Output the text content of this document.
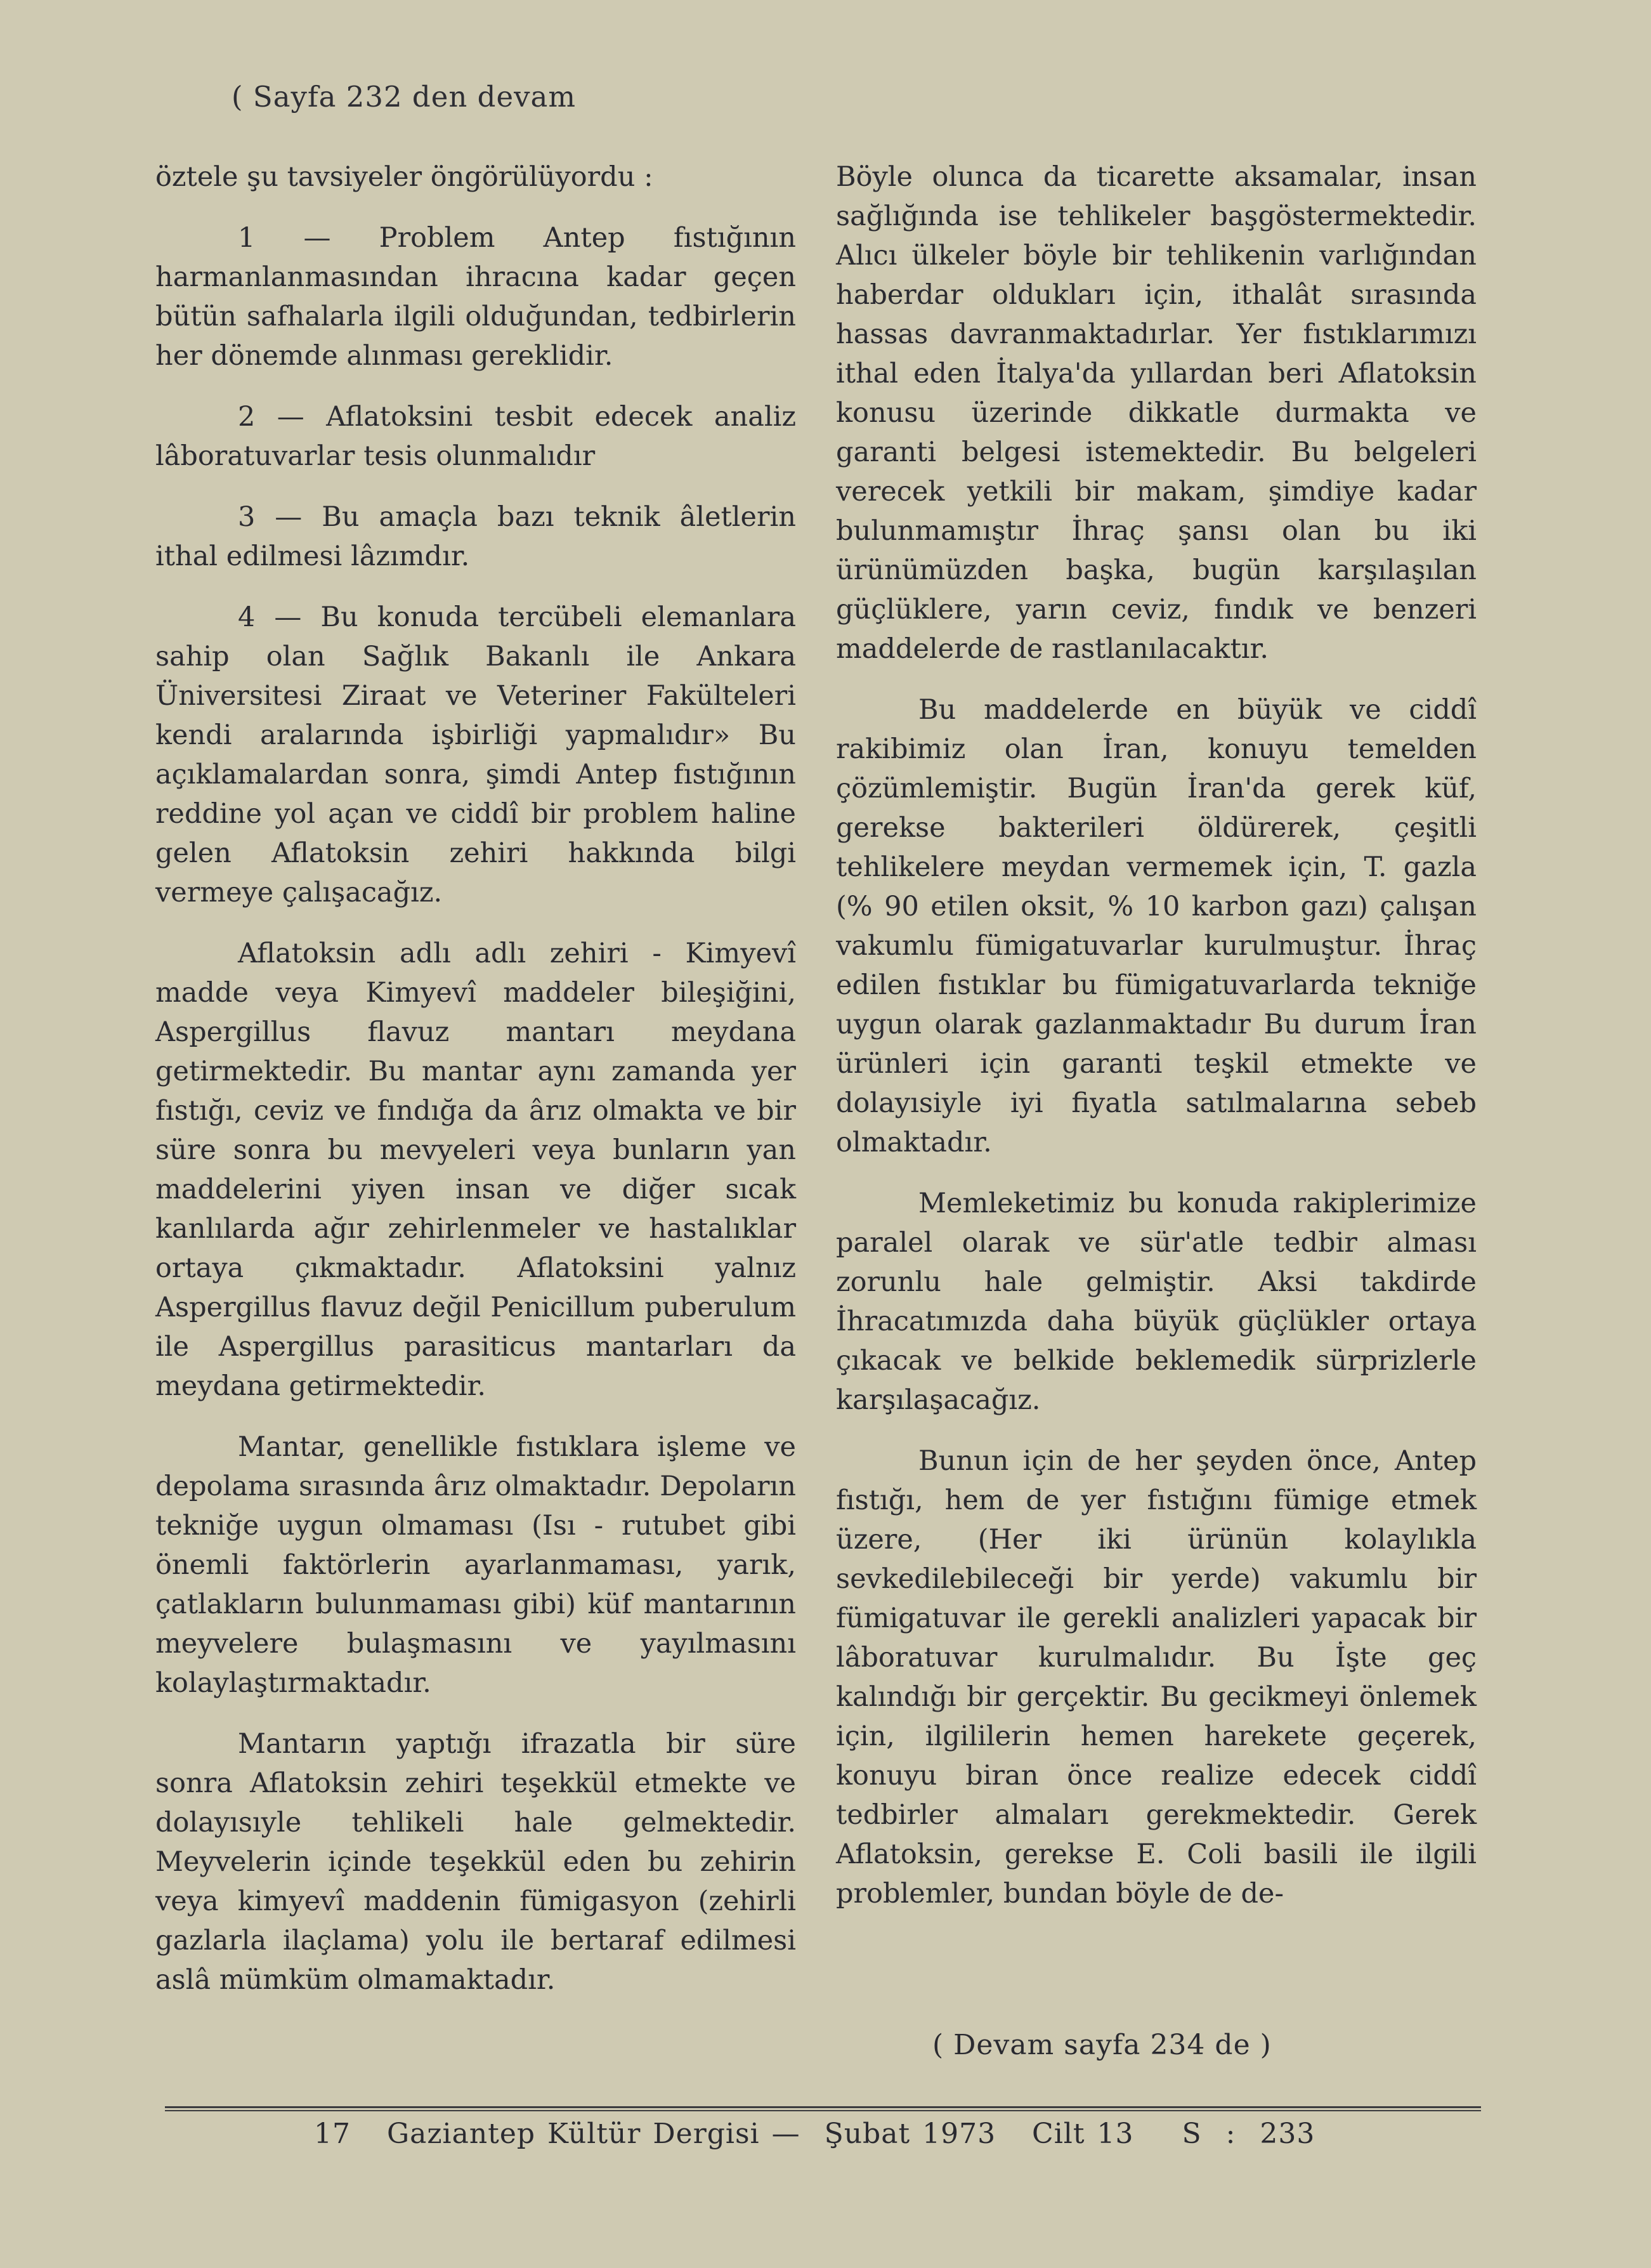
( Sayfa 232 den devam

öztele şu tavsiyeler öngörülüyordu :

1 — Problem Antep fıstığının harmanlanmasından ihracına kadar geçen bütün safhalarla ilgili olduğundan, tedbirlerin her dönemde alınması gereklidir.

2 — Aflatoksini tesbit edecek analiz lâboratuvarlar tesis olunmalıdır

3 — Bu amaçla bazı teknik âletlerin ithal edilmesi lâzımdır.

4 — Bu konuda tercübeli elemanlara sahip olan Sağlık Bakanlı ile Ankara Üniversitesi Ziraat ve Veteriner Fakülteleri kendi aralarında işbirliği yapmalıdır» Bu açıklamalardan sonra, şimdi Antep fıstığının reddine yol açan ve ciddî bir problem haline gelen Aflatoksin zehiri hakkında bilgi vermeye çalışacağız.

Aflatoksin adlı adlı zehiri - Kimyevî madde veya Kimyevî maddeler bileşiğini, Aspergillus flavuz mantarı meydana getirmektedir. Bu mantar aynı zamanda yer fıstığı, ceviz ve fındığa da ârız olmakta ve bir süre sonra bu mevyeleri veya bunların yan maddelerini yiyen insan ve diğer sıcak kanlılarda ağır zehirlenmeler ve hastalıklar ortaya çıkmaktadır. Aflatoksini yalnız Aspergillus flavuz değil Penicillum puberulum ile Aspergillus parasiticus mantarları da meydana getirmektedir.

Mantar, genellikle fıstıklara işleme ve depolama sırasında ârız olmaktadır. Depoların tekniğe uygun olmaması (Isı - rutubet gibi önemli faktörlerin ayarlanmaması, yarık, çatlakların bulunmaması gibi) küf mantarının meyvelere bulaşmasını ve yayılmasını kolaylaştırmaktadır.

Mantarın yaptığı ifrazatla bir süre sonra Aflatoksin zehiri teşekkül etmekte ve dolayısıyle tehlikeli hale gelmektedir. Meyvelerin içinde teşekkül eden bu zehirin veya kimyevî maddenin fümigasyon (zehirli gazlarla ilaçlama) yolu ile bertaraf edilmesi aslâ mümküm olmamaktadır.

Böyle olunca da ticarette aksamalar, insan sağlığında ise tehlikeler başgöstermektedir. Alıcı ülkeler böyle bir tehlikenin varlığından haberdar oldukları için, ithalât sırasında hassas davranmaktadırlar. Yer fıstıklarımızı ithal eden İtalya'da yıllardan beri Aflatoksin konusu üzerinde dikkatle durmakta ve garanti belgesi istemektedir. Bu belgeleri verecek yetkili bir makam, şimdiye kadar bulunmamıştır İhraç şansı olan bu iki ürünümüzden başka, bugün karşılaşılan güçlüklere, yarın ceviz, fındık ve benzeri maddelerde de rastlanılacaktır.

Bu maddelerde en büyük ve ciddî rakibimiz olan İran, konuyu temelden çözümlemiştir. Bugün İran'da gerek küf, gerekse bakterileri öldürerek, çeşitli tehlikelere meydan vermemek için, T. gazla (% 90 etilen oksit, % 10 karbon gazı) çalışan vakumlu fümigatuvarlar kurulmuştur. İhraç edilen fıstıklar bu fümigatuvarlarda tekniğe uygun olarak gazlanmaktadır Bu durum İran ürünleri için garanti teşkil etmekte ve dolayısiyle iyi fiyatla satılmalarına sebeb olmaktadır.

Memleketimiz bu konuda rakiplerimize paralel olarak ve sür'atle tedbir alması zorunlu hale gelmiştir. Aksi takdirde İhracatımızda daha büyük güçlükler ortaya çıkacak ve belkide beklemedik sürprizlerle karşılaşacağız.

Bunun için de her şeyden önce, Antep fıstığı, hem de yer fıstığını fümige etmek üzere, (Her iki ürünün kolaylıkla sevkedilebileceği bir yerde) vakumlu bir fümigatuvar ile gerekli analizleri yapacak bir lâboratuvar kurulmalıdır. Bu İşte geç kalındığı bir gerçektir. Bu gecikmeyi önlemek için, ilgililerin hemen harekete geçerek, konuyu biran önce realize edecek ciddî tedbirler almaları gerekmektedir. Gerek Aflatoksin, gerekse E. Coli basili ile ilgili problemler, bundan böyle de de-

( Devam sayfa 234 de )
17   Gaziantep Kültür Dergisi —  Şubat 1973   Cilt 13    S  :  233
